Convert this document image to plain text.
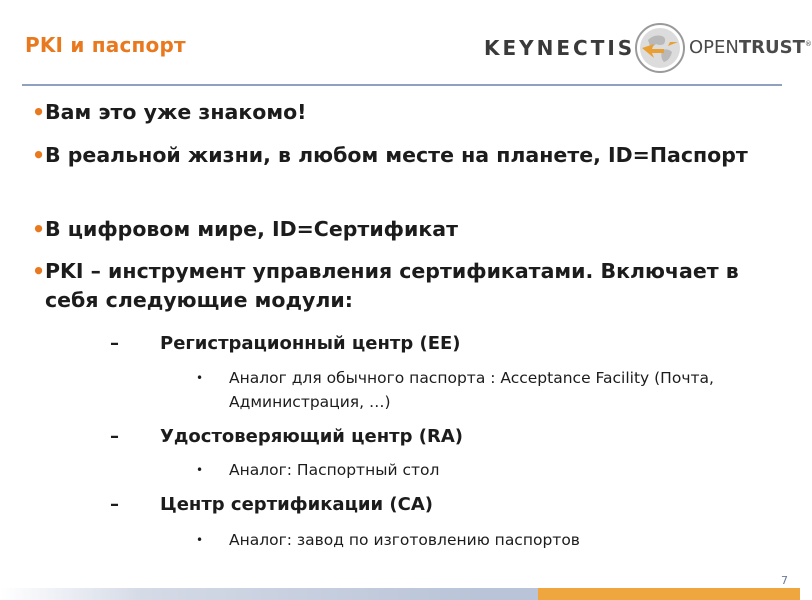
PKI и паспорт	KEYNECTIS	OPENTRUST®
• Вам это уже знакомо!
• В реальной жизни, в любом месте на планете, ID=Паспорт
• В цифровом мире, ID=Сертификат
• PKI – инструмент управления сертификатами. Включает в себя следующие модули:
– Регистрационный центр (EE)
• Аналог для обычного паспорта : Acceptance Facility (Почта, Администрация, …)
– Удостоверяющий центр (RA)
• Аналог: Паспортный стол
– Центр сертификации (CA)
• Аналог: завод по изготовлению паспортов
7
